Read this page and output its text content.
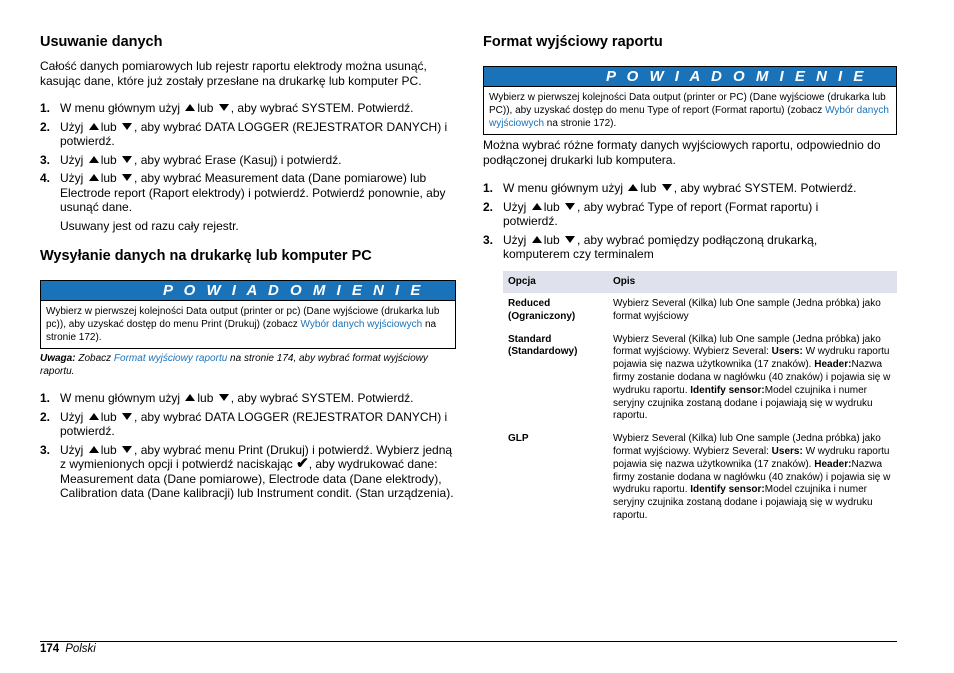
Usuwanie danych

Całość danych pomiarowych lub rejestr raportu elektrody można usunąć, kasując dane, które już zostały przesłane na drukarkę lub komputer PC.

1. W menu głównym użyj lub , aby wybrać SYSTEM. Potwierdź.
2. Użyj lub , aby wybrać DATA LOGGER (REJESTRATOR DANYCH) i potwierdź.
3. Użyj lub , aby wybrać Erase (Kasuj) i potwierdź.
4. Użyj lub , aby wybrać Measurement data (Dane pomiarowe) lub Electrode report (Raport elektrody) i potwierdź. Potwierdź ponownie, aby usunąć dane.
Usuwany jest od razu cały rejestr.
Wysyłanie danych na drukarkę lub komputer PC
P O W I A D O M I E N I E
Wybierz w pierwszej kolejności Data output (printer or pc) (Dane wyjściowe (drukarka lub pc)), aby uzyskać dostęp do menu Print (Drukuj) (zobacz Wybór danych wyjściowych na stronie 172).

Uwaga: Zobacz Format wyjściowy raportu na stronie 174, aby wybrać format wyjściowy raportu.

1. W menu głównym użyj lub , aby wybrać SYSTEM. Potwierdź.
2. Użyj lub , aby wybrać DATA LOGGER (REJESTRATOR DANYCH) i potwierdź.
3. Użyj lub , aby wybrać menu Print (Drukuj) i potwierdź. Wybierz jedną z wymienionych opcji i potwierdź naciskając ✔, aby wydrukować dane: Measurement data (Dane pomiarowe), Electrode data (Dane elektrody), Calibration data (Dane kalibracji) lub Instrument condit. (Stan urządzenia).
Format wyjściowy raportu
P O W I A D O M I E N I E
Wybierz w pierwszej kolejności Data output (printer or PC) (Dane wyjściowe (drukarka lub PC)), aby uzyskać dostęp do menu Type of report (Format raportu) (zobacz Wybór danych wyjściowych na stronie 172).

Można wybrać różne formaty danych wyjściowych raportu, odpowiednio do podłączonej drukarki lub komputera.

1. W menu głównym użyj lub , aby wybrać SYSTEM. Potwierdź.
2. Użyj lub , aby wybrać Type of report (Format raportu) i potwierdź.
3. Użyj lub , aby wybrać pomiędzy podłączoną drukarką, komputerem czy terminalem
Opcja	Opis
Reduced (Ograniczony)	Wybierz Several (Kilka) lub One sample (Jedna próbka) jako format wyjściowy
Standard (Standardowy)	Wybierz Several (Kilka) lub One sample (Jedna próbka) jako format wyjściowy. Wybierz Several: Users: W wydruku raportu pojawia się nazwa użytkownika (17 znaków). Header:Nazwa firmy zostanie dodana w nagłówku (40 znaków) i pojawia się w wydruku raportu. Identify sensor:Model czujnika i numer seryjny czujnika zostaną dodane i pojawiają się w wydruku raportu.
GLP	Wybierz Several (Kilka) lub One sample (Jedna próbka) jako format wyjściowy. Wybierz Several: Users: W wydruku raportu pojawia się nazwa użytkownika (17 znaków). Header:Nazwa firmy zostanie dodana w nagłówku (40 znaków) i pojawia się w wydruku raportu. Identify sensor:Model czujnika i numer seryjny czujnika zostaną dodane i pojawiają się w wydruku raportu.
174 Polski
